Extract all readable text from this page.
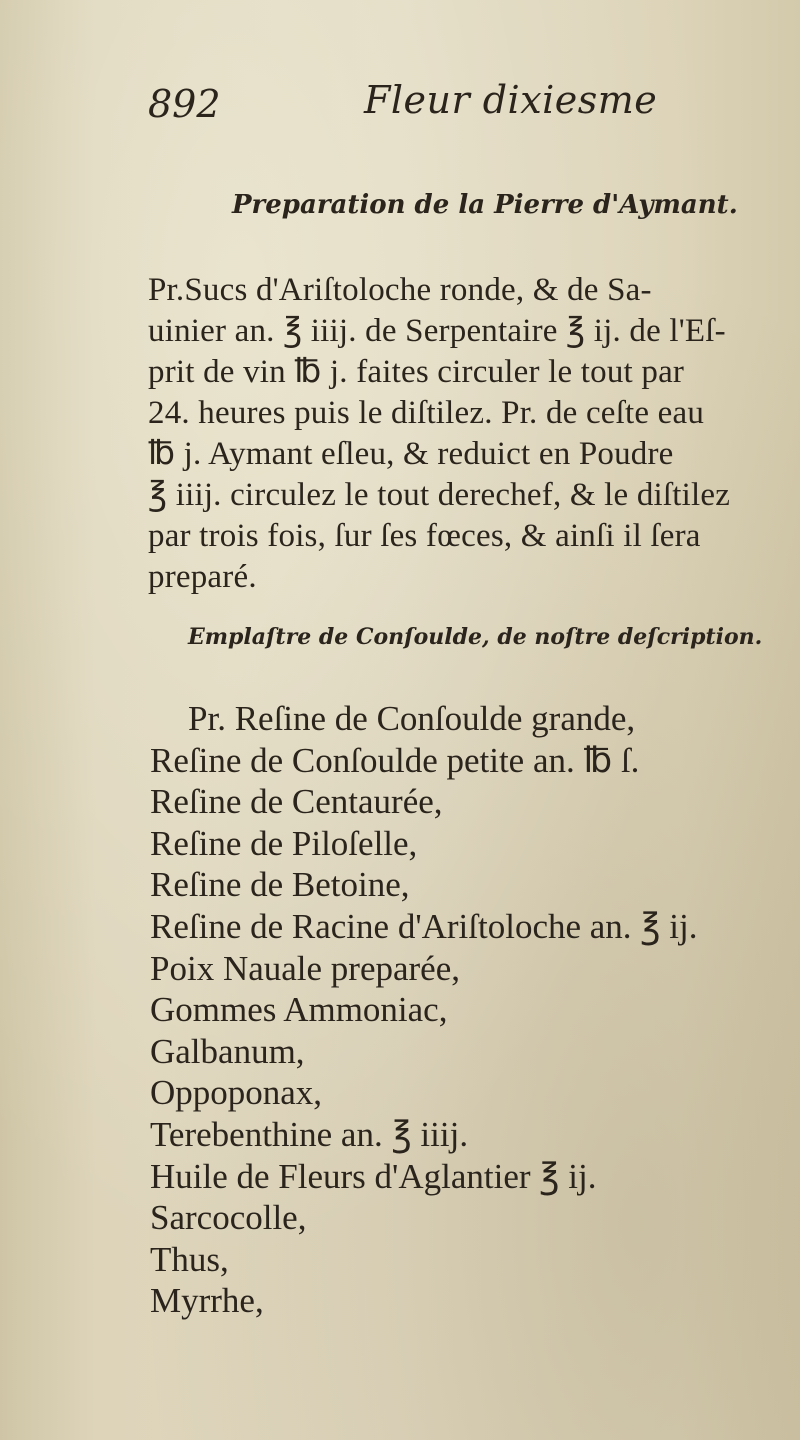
892	Fleur dixiesme
Preparation de la Pierre d'Aymant.
Pr.Sucs d'Ariſtoloche ronde, & de Sa-
uinier an. ℥ iiij. de Serpentaire ℥ ij. de l'Eſ-
prit de vin ℔ j. faites circuler le tout par
24. heures puis le diſtilez. Pr. de ceſte eau
℔ j. Aymant eſleu, & reduict en Poudre
℥ iiij. circulez le tout derechef, & le diſtilez
par trois fois, ſur ſes fœces, & ainſi il ſera
preparé.
Emplaſtre de Conſoulde, de noſtre deſcription.
Pr. Reſine de Conſoulde grande,
Reſine de Conſoulde petite an. ℔ ſ.
Reſine de Centaurée,
Reſine de Piloſelle,
Reſine de Betoine,
Reſine de Racine d'Ariſtoloche an. ℥ ij.
Poix Nauale preparée,
Gommes Ammoniac,
Galbanum,
Oppoponax,
Terebenthine an. ℥ iiij.
Huile de Fleurs d'Aglantier ℥ ij.
Sarcocolle,
Thus,
Myrrhe,
